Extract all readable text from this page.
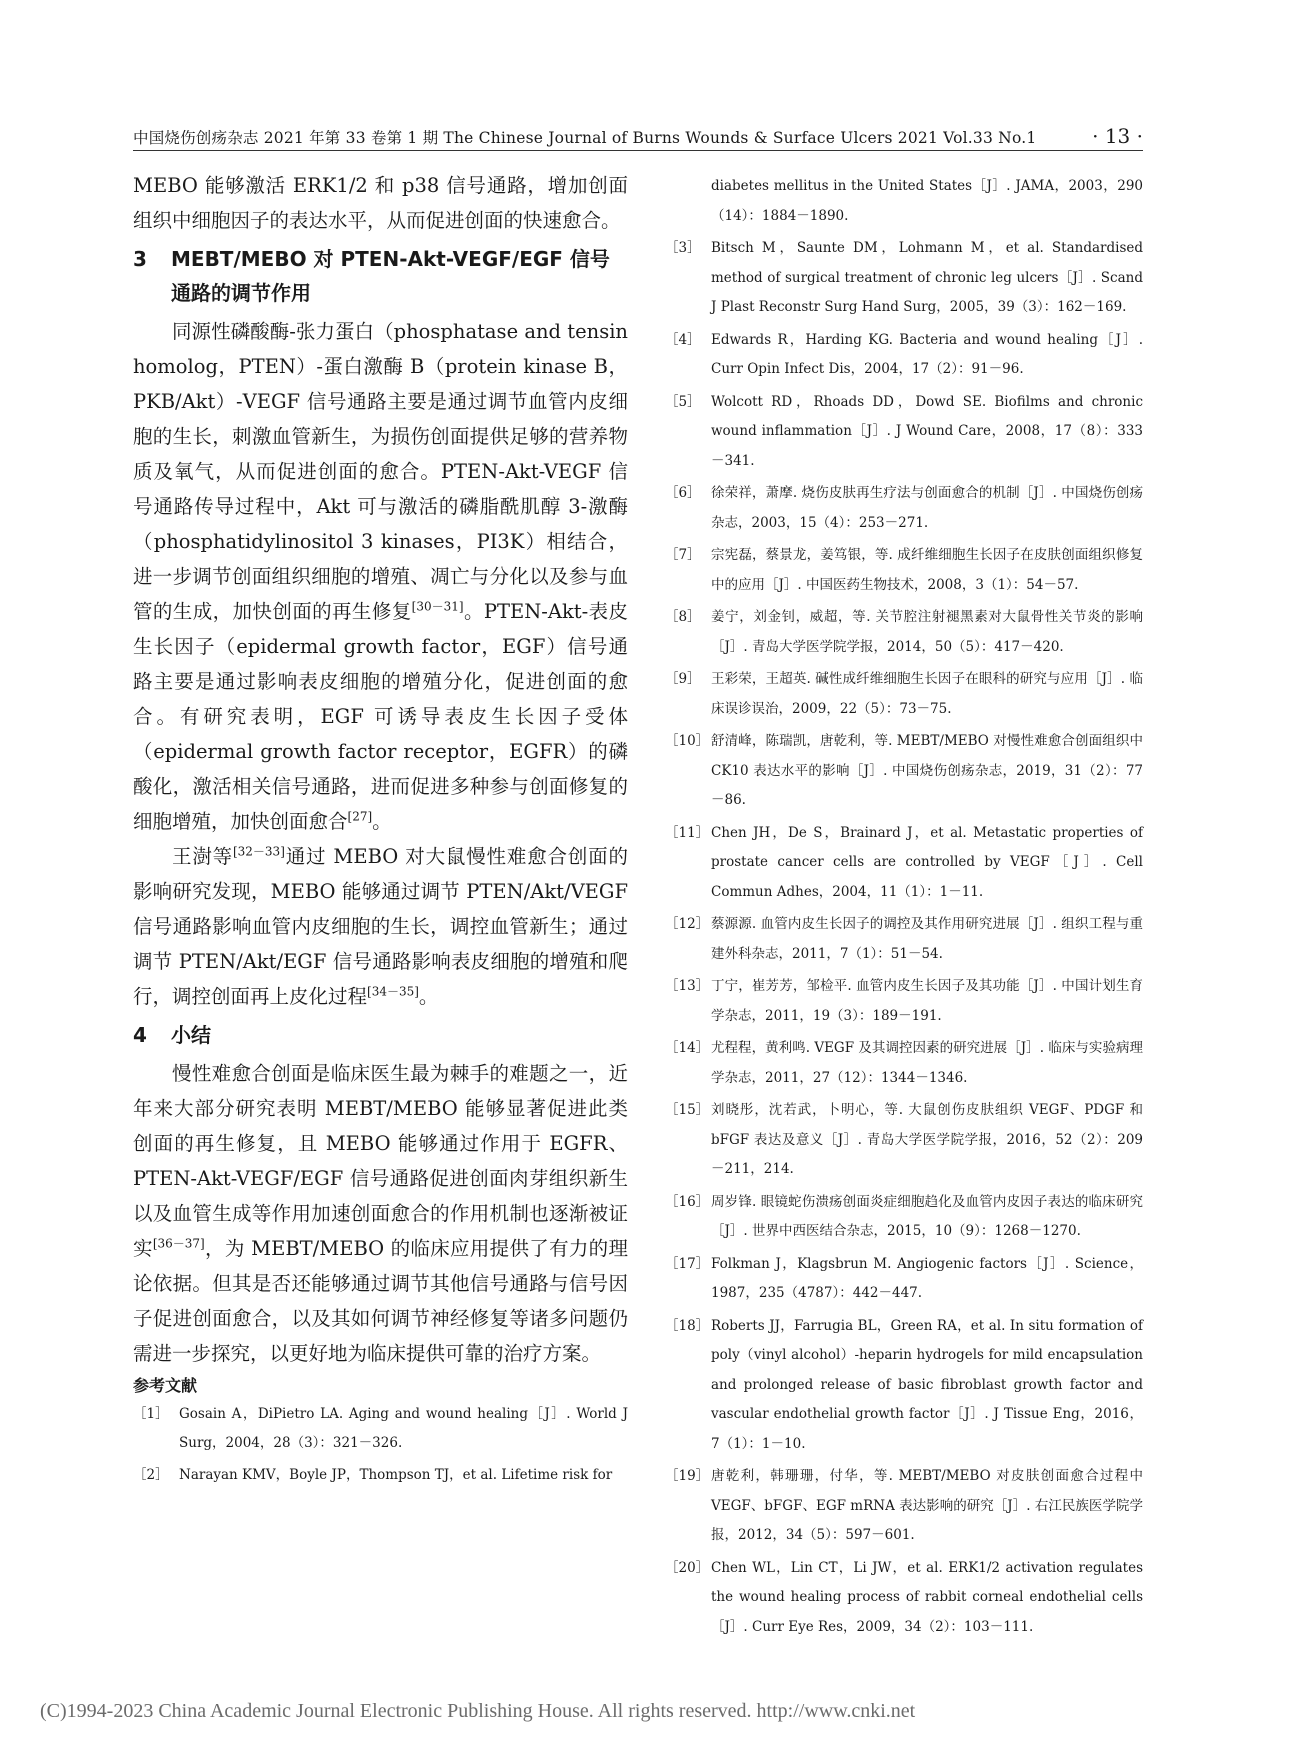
中国烧伤创疡杂志 2021 年第 33 卷第 1 期 The Chinese Journal of Burns Wounds & Surface Ulcers 2021 Vol.33 No.1	· 13 ·

MEBO 能够激活 ERK1/2 和 p38 信号通路，增加创面组织中细胞因子的表达水平，从而促进创面的快速愈合。

3	MEBT/MEBO 对 PTEN-Akt-VEGF/EGF 信号通路的调节作用

同源性磷酸酶-张力蛋白（phosphatase and tensin homolog，PTEN）-蛋白激酶 B（protein kinase B，PKB/Akt）-VEGF 信号通路主要是通过调节血管内皮细胞的生长，刺激血管新生，为损伤创面提供足够的营养物质及氧气，从而促进创面的愈合。PTEN-Akt-VEGF 信号通路传导过程中，Akt 可与激活的磷脂酰肌醇 3-激酶（phosphatidylinositol 3 kinases，PI3K）相结合，进一步调节创面组织细胞的增殖、凋亡与分化以及参与血管的生成，加快创面的再生修复[30－31]。PTEN-Akt-表皮生长因子（epidermal growth factor，EGF）信号通路主要是通过影响表皮细胞的增殖分化，促进创面的愈合。有研究表明，EGF 可诱导表皮生长因子受体（epidermal growth factor receptor，EGFR）的磷酸化，激活相关信号通路，进而促进多种参与创面修复的细胞增殖，加快创面愈合[27]。

王澍等[32－33]通过 MEBO 对大鼠慢性难愈合创面的影响研究发现，MEBO 能够通过调节 PTEN/Akt/VEGF 信号通路影响血管内皮细胞的生长，调控血管新生；通过调节 PTEN/Akt/EGF 信号通路影响表皮细胞的增殖和爬行，调控创面再上皮化过程[34－35]。

4	小结

慢性难愈合创面是临床医生最为棘手的难题之一，近年来大部分研究表明 MEBT/MEBO 能够显著促进此类创面的再生修复，且 MEBO 能够通过作用于 EGFR、PTEN-Akt-VEGF/EGF 信号通路促进创面肉芽组织新生以及血管生成等作用加速创面愈合的作用机制也逐渐被证实[36－37]，为 MEBT/MEBO 的临床应用提供了有力的理论依据。但其是否还能够通过调节其他信号通路与信号因子促进创面愈合，以及其如何调节神经修复等诸多问题仍需进一步探究，以更好地为临床提供可靠的治疗方案。

参考文献
［1］ Gosain A，DiPietro LA. Aging and wound healing［J］. World J Surg，2004，28（3）：321－326.
［2］ Narayan KMV，Boyle JP，Thompson TJ，et al. Lifetime risk for
diabetes mellitus in the United States［J］. JAMA，2003，290（14）：1884－1890.
［3］ Bitsch M，Saunte DM，Lohmann M，et al. Standardised method of surgical treatment of chronic leg ulcers［J］. Scand J Plast Reconstr Surg Hand Surg，2005，39（3）：162－169.
［4］ Edwards R，Harding KG. Bacteria and wound healing［J］. Curr Opin Infect Dis，2004，17（2）：91－96.
［5］ Wolcott RD，Rhoads DD，Dowd SE. Biofilms and chronic wound inflammation［J］. J Wound Care，2008，17（8）：333－341.
［6］ 徐荣祥，萧摩. 烧伤皮肤再生疗法与创面愈合的机制［J］. 中国烧伤创疡杂志，2003，15（4）：253－271.
［7］ 宗宪磊，蔡景龙，姜笃银，等. 成纤维细胞生长因子在皮肤创面组织修复中的应用［J］. 中国医药生物技术，2008，3（1）：54－57.
［8］ 姜宁，刘金钊，威超，等. 关节腔注射褪黑素对大鼠骨性关节炎的影响［J］. 青岛大学医学院学报，2014，50（5）：417－420.
［9］ 王彩荣，王超英. 碱性成纤维细胞生长因子在眼科的研究与应用［J］. 临床误诊误治，2009，22（5）：73－75.
［10］ 舒清峰，陈瑞凯，唐乾利，等. MEBT/MEBO 对慢性难愈合创面组织中 CK10 表达水平的影响［J］. 中国烧伤创疡杂志，2019，31（2）：77－86.
［11］ Chen JH，De S，Brainard J，et al. Metastatic properties of prostate cancer cells are controlled by VEGF［J］. Cell Commun Adhes，2004，11（1）：1－11.
［12］ 蔡源源. 血管内皮生长因子的调控及其作用研究进展［J］. 组织工程与重建外科杂志，2011，7（1）：51－54.
［13］ 丁宁，崔芳芳，邹检平. 血管内皮生长因子及其功能［J］. 中国计划生育学杂志，2011，19（3）：189－191.
［14］ 尤程程，黄利鸣. VEGF 及其调控因素的研究进展［J］. 临床与实验病理学杂志，2011，27（12）：1344－1346.
［15］ 刘晓彤，沈若武，卜明心，等. 大鼠创伤皮肤组织 VEGF、PDGF 和 bFGF 表达及意义［J］. 青岛大学医学院学报，2016，52（2）：209－211，214.
［16］ 周岁锋. 眼镜蛇伤溃疡创面炎症细胞趋化及血管内皮因子表达的临床研究［J］. 世界中西医结合杂志，2015，10（9）：1268－1270.
［17］ Folkman J，Klagsbrun M. Angiogenic factors［J］. Science，1987，235（4787）：442－447.
［18］ Roberts JJ，Farrugia BL，Green RA，et al. In situ formation of poly（vinyl alcohol）-heparin hydrogels for mild encapsulation and prolonged release of basic fibroblast growth factor and vascular endothelial growth factor［J］. J Tissue Eng，2016，7（1）：1－10.
［19］ 唐乾利，韩珊珊，付华，等. MEBT/MEBO 对皮肤创面愈合过程中 VEGF、bFGF、EGF mRNA 表达影响的研究［J］. 右江民族医学院学报，2012，34（5）：597－601.
［20］ Chen WL，Lin CT，Li JW，et al. ERK1/2 activation regulates the wound healing process of rabbit corneal endothelial cells［J］. Curr Eye Res，2009，34（2）：103－111.
(C)1994-2023 China Academic Journal Electronic Publishing House. All rights reserved. http://www.cnki.net
